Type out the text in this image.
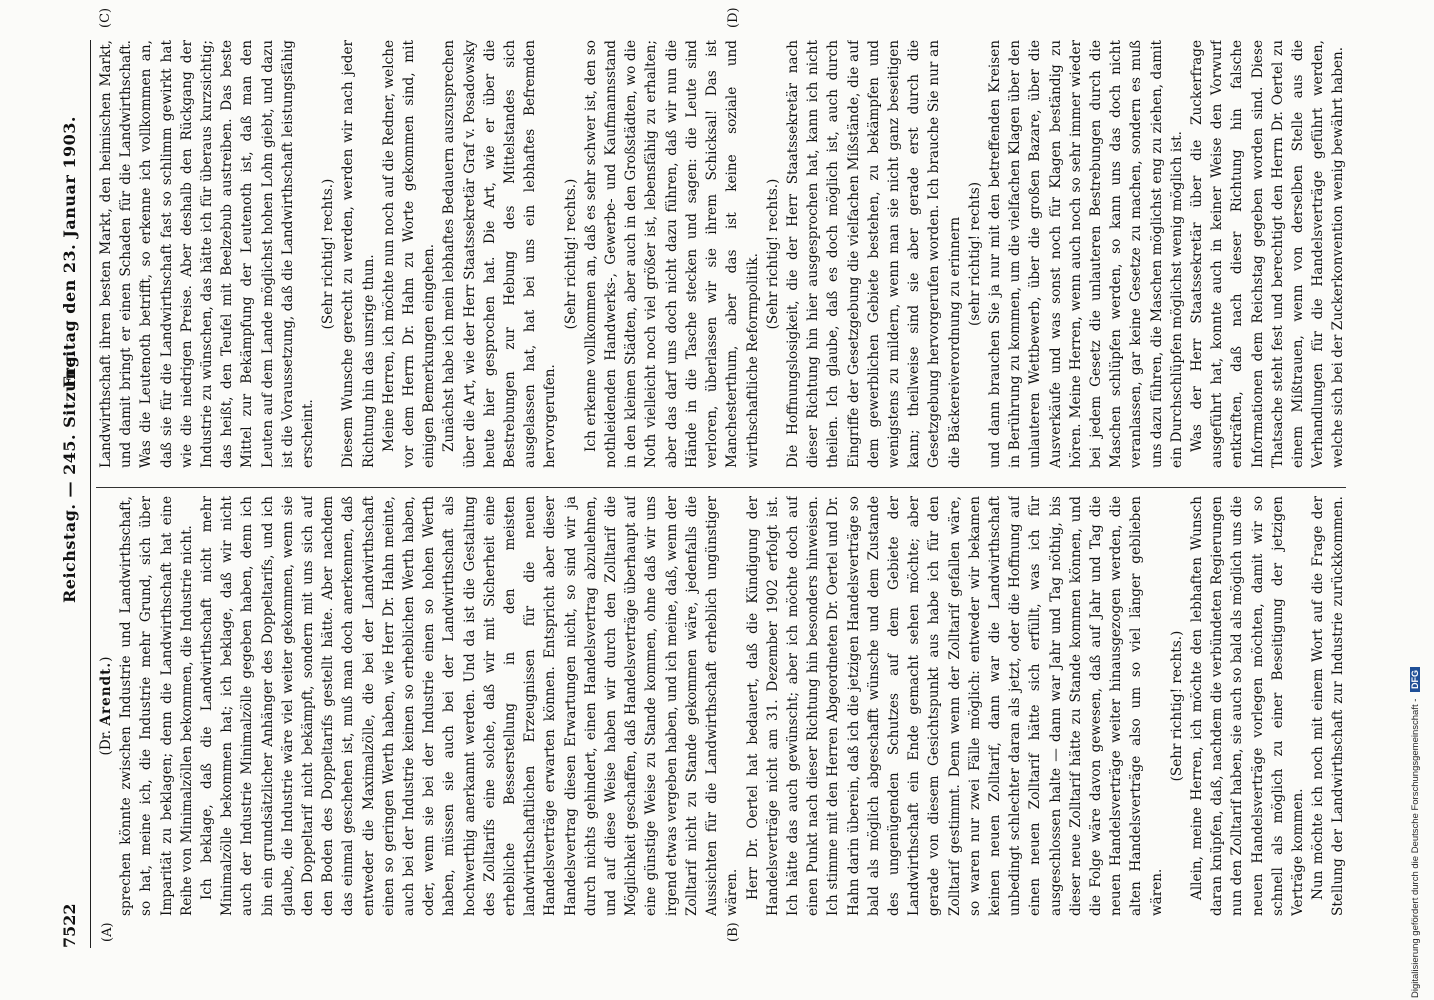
7522
Reichstag. — 245. Sitzung.
Freitag den 23. Januar 1903.
(A)	(B)
(C)	(D)

(Dr. Arendt.) sprechen könnte zwischen Industrie und Landwirthschaft, so hat, meine ich, die Industrie mehr Grund, sich über Imparität zu beklagen; denn die Landwirthschaft hat eine Reihe von Minimalzöllen bekommen, die Industrie nicht. Ich beklage, daß die Landwirthschaft nicht mehr Minimalzölle bekommen hat; ich beklage, daß wir nicht auch der Industrie Minimalzölle gegeben haben, denn ich bin ein grundsätzlicher Anhänger des Doppeltarifs, und ich glaube, die Industrie wäre viel weiter gekommen, wenn sie den Doppeltarif nicht bekämpft, sondern mit uns sich auf den Boden des Doppeltarifs gestellt hätte. Aber nachdem das einmal geschehen ist, muß man doch anerkennen, daß entweder die Maximalzölle, die bei der Landwirthschaft einen so geringen Werth haben, wie Herr Dr. Hahn meinte, auch bei der Industrie keinen so erheblichen Werth haben, oder, wenn sie bei der Industrie einen so hohen Werth haben, müssen sie auch bei der Landwirthschaft als hochwerthig anerkannt werden. Und da ist die Gestaltung des Zolltarifs eine solche, daß wir mit Sicherheit eine erhebliche Besserstellung in den meisten landwirthschaftlichen Erzeugnissen für die neuen Handelsverträge erwarten können. Entspricht aber dieser Handelsvertrag diesen Erwartungen nicht, so sind wir ja durch nichts gehindert, einen Handelsvertrag abzulehnen, und auf diese Weise haben wir durch den Zolltarif die Möglichkeit geschaffen, daß Handelsverträge überhaupt auf eine günstige Weise zu Stande kommen, ohne daß wir uns irgend etwas vergeben haben, und ich meine, daß, wenn der Zolltarif nicht zu Stande gekommen wäre, jedenfalls die Aussichten für die Landwirthschaft erheblich ungünstiger wären. Herr Dr. Oertel hat bedauert, daß die Kündigung der Handelsverträge nicht am 31. Dezember 1902 erfolgt ist. Ich hätte das auch gewünscht; aber ich möchte doch auf einen Punkt nach dieser Richtung hin besonders hinweisen. Ich stimme mit den Herren Abgeordneten Dr. Oertel und Dr. Hahn darin überein, daß ich die jetzigen Handelsverträge so bald als möglich abgeschafft wünsche und dem Zustande des ungenügenden Schutzes auf dem Gebiete der Landwirthschaft ein Ende gemacht sehen möchte; aber gerade von diesem Gesichtspunkt aus habe ich für den Zolltarif gestimmt. Denn wenn der Zolltarif gefallen wäre, so waren nur zwei Fälle möglich: entweder wir bekamen keinen neuen Zolltarif, dann war die Landwirthschaft unbedingt schlechter daran als jetzt, oder die Hoffnung auf einen neuen Zolltarif hätte sich erfüllt, was ich für ausgeschlossen halte — dann war Jahr und Tag nöthig, bis dieser neue Zolltarif hätte zu Stande kommen können, und die Folge wäre davon gewesen, daß auf Jahr und Tag die neuen Handelsverträge weiter hinausgezogen werden, die alten Handelsverträge also um so viel länger geblieben wären.

(Sehr richtig! rechts.) Allein, meine Herren, ich möchte den lebhaften Wunsch daran knüpfen, daß, nachdem die verbündeten Regierungen nun den Zolltarif haben, sie auch so bald als möglich uns die neuen Handelsverträge vorlegen möchten, damit wir so schnell als möglich zu einer Beseitigung der jetzigen Verträge kommen. Nun möchte ich noch mit einem Wort auf die Frage der Stellung der Landwirthschaft zur Industrie zurückkommen.

Landwirthschaft ihren besten Markt, den heimischen Markt, und damit bringt er einen Schaden für die Landwirthschaft. Was die Leutenoth betrifft, so erkenne ich vollkommen an, daß sie für die Landwirthschaft fast so schlimm gewirkt hat wie die niedrigen Preise. Aber deshalb den Rückgang der Industrie zu wünschen, das hätte ich für überaus kurzsichtig; das heißt, den Teufel mit Beelzebub austreiben. Das beste Mittel zur Bekämpfung der Leutenoth ist, daß man den Leuten auf dem Lande möglichst hohen Lohn giebt, und dazu ist die Voraussetzung, daß die Landwirthschaft leistungsfähig erscheint.

(Sehr richtig! rechts.) Diesem Wunsche gerecht zu werden, werden wir nach jeder Richtung hin das unsrige thun. Meine Herren, ich möchte nun noch auf die Redner, welche vor dem Herrn Dr. Hahn zu Worte gekommen sind, mit einigen Bemerkungen eingehen. Zunächst habe ich mein lebhaftes Bedauern auszusprechen über die Art, wie der Herr Staatssekretär Graf v. Posadowsky heute hier gesprochen hat. Die Art, wie er über die Bestrebungen zur Hebung des Mittelstandes sich ausgelassen hat, hat bei uns ein lebhaftes Befremden hervorgerufen.

(Sehr richtig! rechts.) Ich erkenne vollkommen an, daß es sehr schwer ist, den so nothleidenden Handwerks-, Gewerbe- und Kaufmannsstand in den kleinen Städten, aber auch in den Großstädten, wo die Noth vielleicht noch viel größer ist, lebensfähig zu erhalten; aber das darf uns doch nicht dazu führen, daß wir nun die Hände in die Tasche stecken und sagen: die Leute sind verloren, überlassen wir sie ihrem Schicksal! Das ist Manchesterthum, aber das ist keine soziale und wirthschaftliche Reformpolitik. (Sehr richtig! rechts.) Die Hoffnungslosigkeit, die der Herr Staatssekretär nach dieser Richtung hin hier ausgesprochen hat, kann ich nicht theilen. Ich glaube, daß es doch möglich ist, auch durch Eingriffe der Gesetzgebung die vielfachen Mißstände, die auf dem gewerblichen Gebiete bestehen, zu bekämpfen und wenigstens zu mildern, wenn man sie nicht ganz beseitigen kann; theilweise sind sie aber gerade erst durch die Gesetzgebung hervorgerufen worden. Ich brauche Sie nur an die Bäckereiverordnung zu erinnern (sehr richtig! rechts) und dann brauchen Sie ja nur mit den betreffenden Kreisen in Berührung zu kommen, um die vielfachen Klagen über den unlauteren Wettbewerb, über die großen Bazare, über die Ausverkäufe und was sonst noch für Klagen beständig zu hören. Meine Herren, wenn auch noch so sehr immer wieder bei jedem Gesetz die unlauteren Bestrebungen durch die Maschen schlüpfen werden, so kann uns das doch nicht veranlassen, gar keine Gesetze zu machen, sondern es muß uns dazu führen, die Maschen möglichst eng zu ziehen, damit ein Durchschlüpfen möglichst wenig möglich ist. Was der Herr Staatssekretär über die Zuckerfrage ausgeführt hat, konnte auch in keiner Weise den Vorwurf entkräften, daß nach dieser Richtung hin falsche Informationen dem Reichstag gegeben worden sind. Diese Thatsache steht fest und berechtigt den Herrn Dr. Oertel zu einem Mißtrauen, wenn von derselben Stelle aus die Verhandlungen für die Handelsverträge geführt werden, welche sich bei der Zuckerkonvention wenig bewährt haben.

Digitalisierung gefördert durch die Deutsche Forschungsgemeinschaft - DFG
